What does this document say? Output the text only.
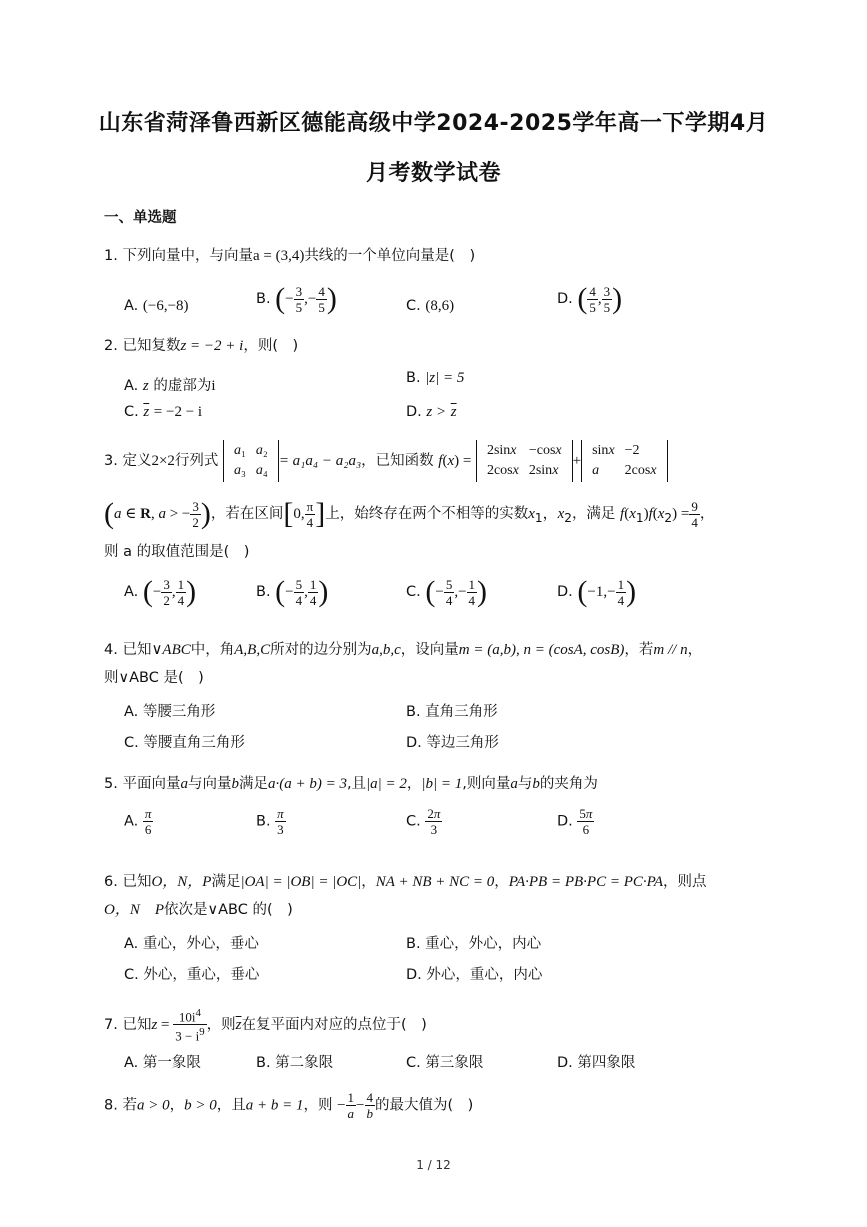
山东省菏泽鲁西新区德能高级中学2024-2025学年高一下学期4月
月考数学试卷
一、单选题
1. 下列向量中，与向量a = (3,4)共线的一个单位向量是(　)
A. (−6,−8)	B. (− $\frac{3}{5}$ ,− $\frac{4}{5}$ )	C. (8,6)	D. ( $\frac{4}{5}$ , $\frac{3}{5}$ )
2. 已知复数z = −2 + i，则(　)
A. z 的虚部为i	B. |z| = 5
C. $\overline{z} = -2 - i$	D. $z > \overline{z}$
3. 定义2×2行列式
a₁	a₂
a₃	a₄
= a₁a₄ − a₂a₃，已知函数 f(x) =
2sinx	−cosx
2cosx	2sinx
+
sinx	−2
a	2cosx
(a ∈ R, a > − $\frac{3}{2}$ )，若在区间[0, $\frac{\pi}{4}$ ]上，始终存在两个不相等的实数$x_1$，$x_2$，满足 $f(x_1)f(x_2) = \frac{9}{4}$ ，
则 a 的取值范围是(　)
A. (− $\frac{3}{2}$ , $\frac{1}{4}$ )	B. (− $\frac{5}{4}$ , $\frac{1}{4}$ )	C. (− $\frac{5}{4}$ ,− $\frac{1}{4}$ )	D. ($-1,- \frac{1}{4}$ )
4. 已知∨ABC中，角A,B,C所对的边分别为a,b,c，设向量m = (a,b), n = (cosA, cosB)，若m // n，
则∨ABC 是(　)
A. 等腰三角形	B. 直角三角形
C. 等腰直角三角形	D. 等边三角形
5. 平面向量a与向量b满足a·(a + b) = 3,且|a| = 2，|b| = 1,则向量a与b的夹角为
A. $\frac{\pi}{6}$	B. $\frac{\pi}{3}$	C. $\frac{2\pi}{3}$	D. $\frac{5\pi}{6}$
6. 已知O，N，P满足|OA| = |OB| = |OC|，NA + NB + NC = 0，PA·PB = PB·PC = PC·PA，则点
O，N　P依次是∨ABC 的(　)
A. 重心，外心，垂心	B. 重心，外心，内心
C. 外心，重心，垂心	D. 外心，重心，内心
7. 已知$z = \frac{10i^4}{3 - i^9}$ ，则$\overline{z}$在复平面内对应的点位于(　)
A. 第一象限	B. 第二象限	C. 第三象限	D. 第四象限
8. 若a > 0，b > 0，且a + b = 1，则 − $\frac{1}{a} - \frac{4}{b}$ 的最大值为(　)
1 / 12
